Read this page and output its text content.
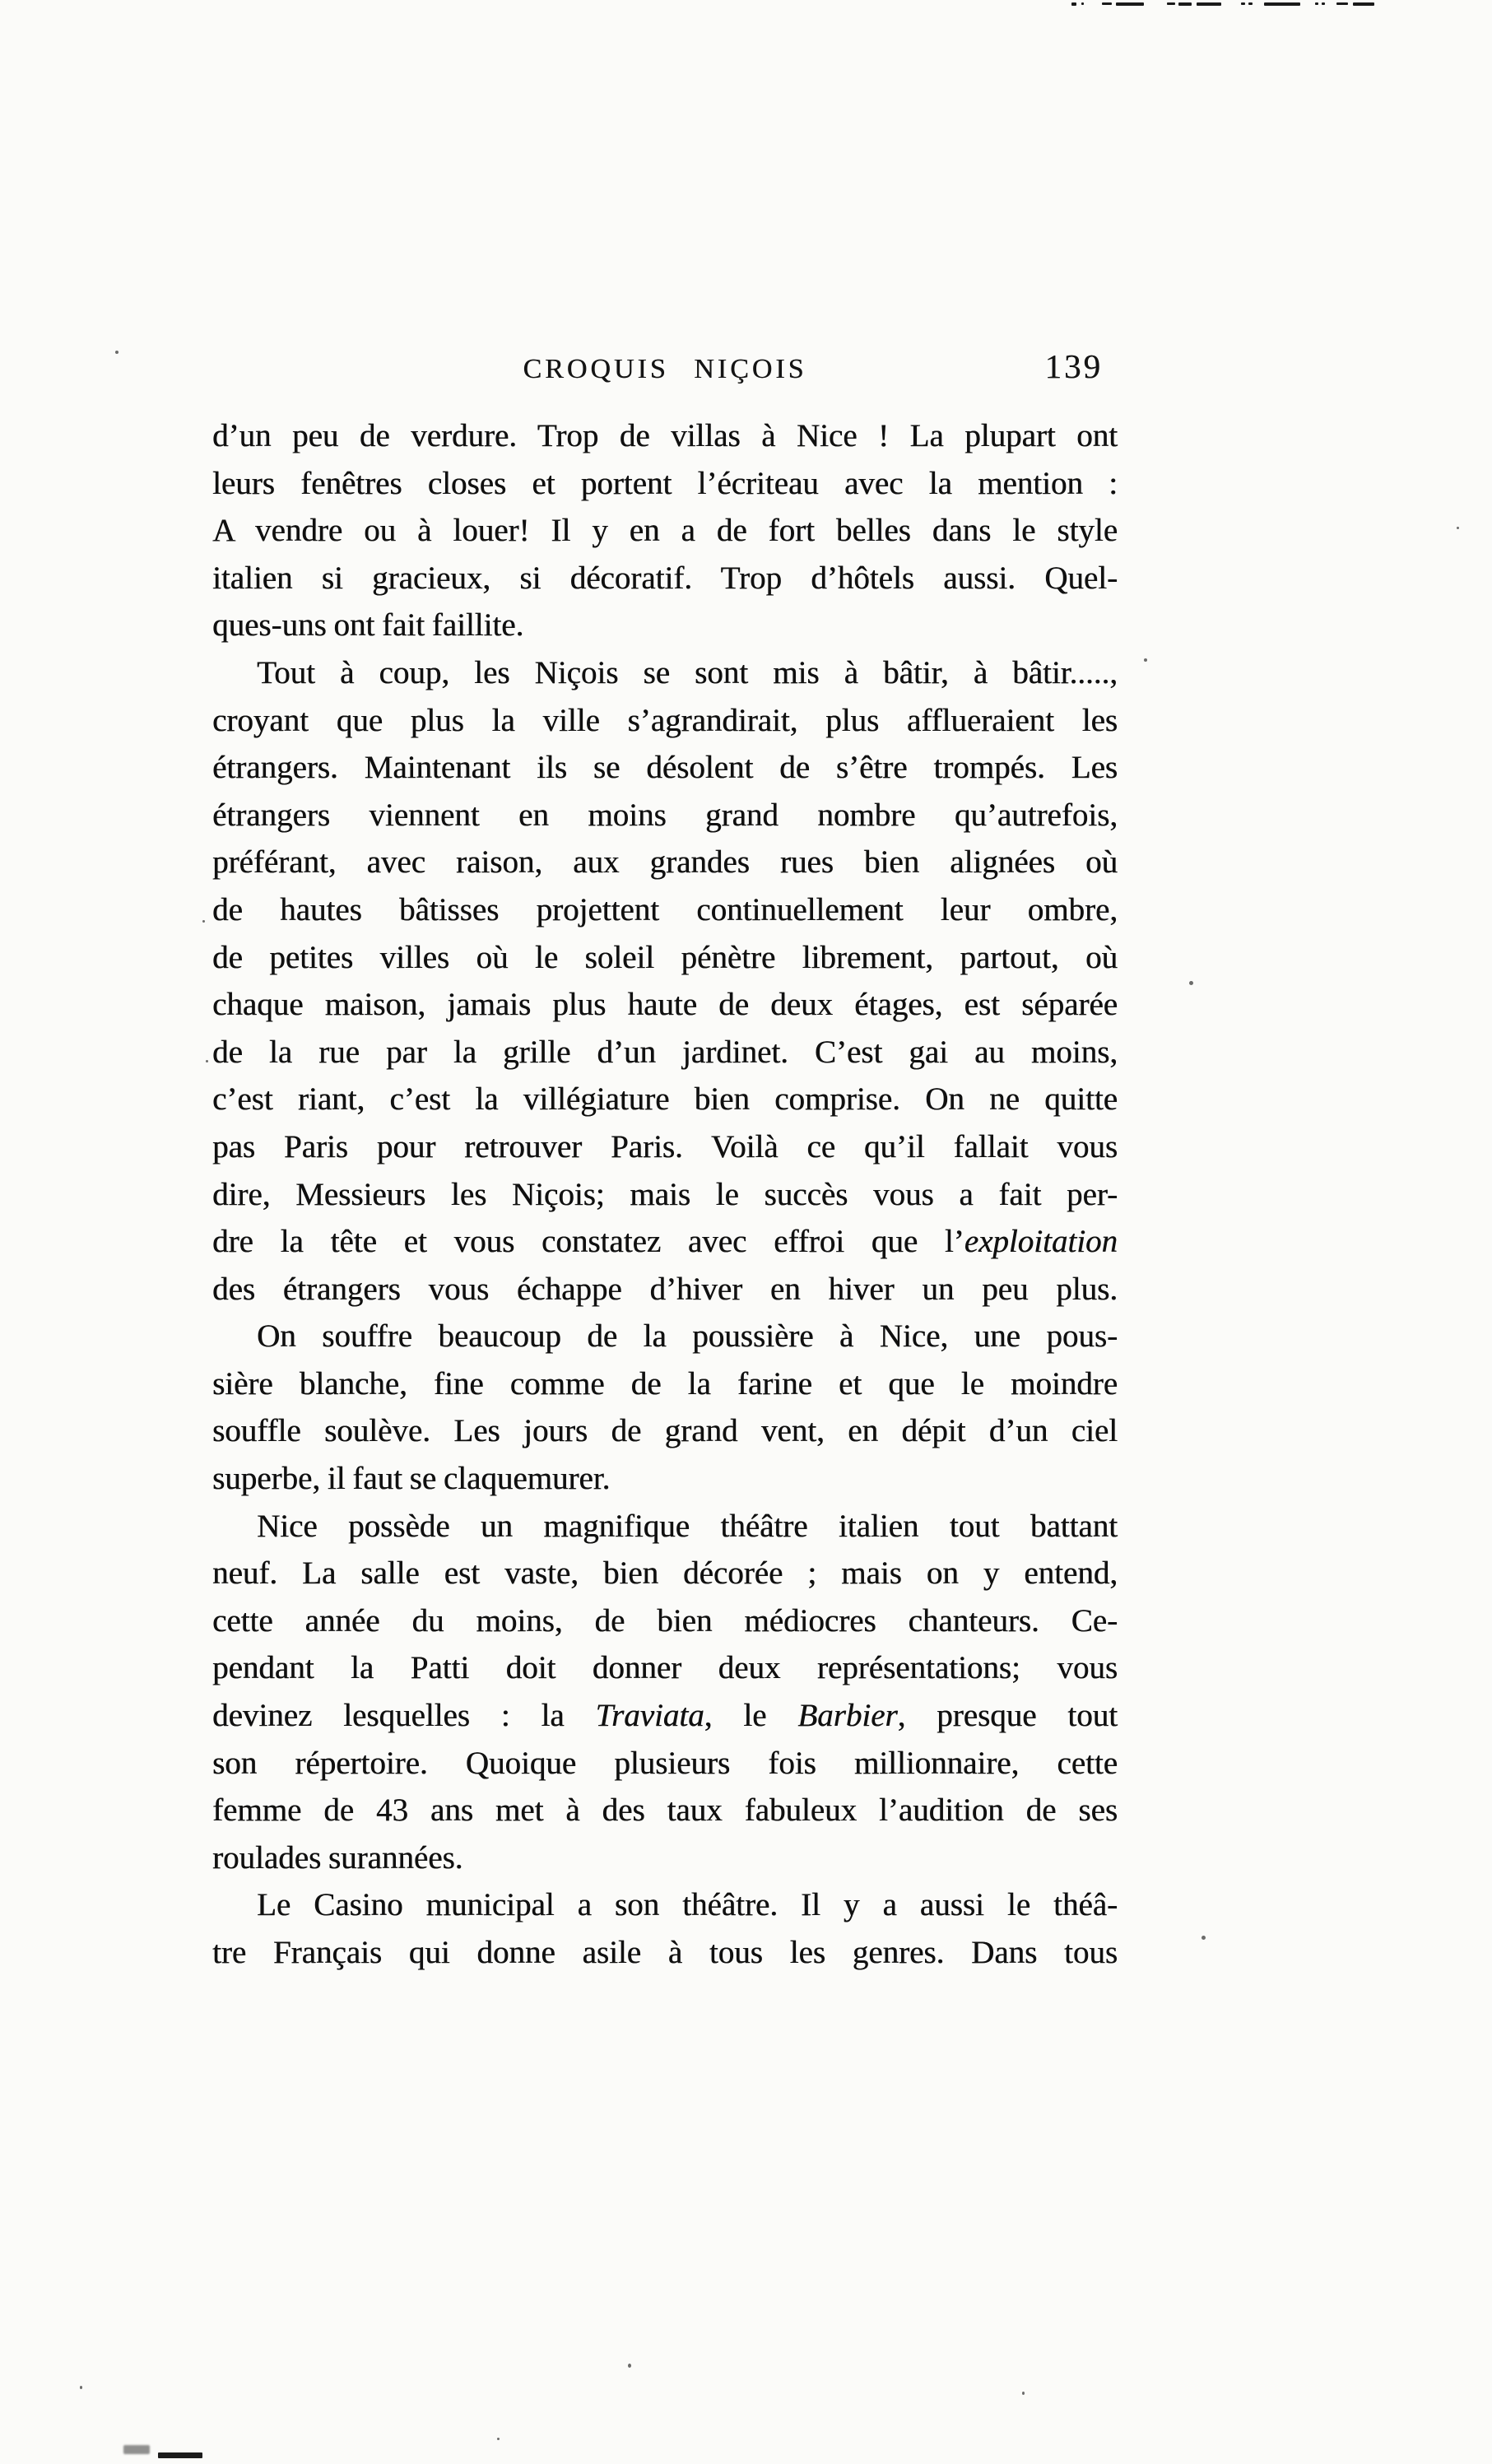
CROQUIS NIÇOIS	139
d’un peu de verdure. Trop de villas à Nice ! La plupart ont
leurs fenêtres closes et portent l’écriteau avec la mention :
A vendre ou à louer! Il y en a de fort belles dans le style
italien si gracieux, si décoratif. Trop d’hôtels aussi. Quel-
ques-uns ont fait faillite.
Tout à coup, les Niçois se sont mis à bâtir, à bâtir.....,
croyant que plus la ville s’agrandirait, plus afflueraient les
étrangers. Maintenant ils se désolent de s’être trompés. Les
étrangers viennent en moins grand nombre qu’autrefois,
préférant, avec raison, aux grandes rues bien alignées où
de hautes bâtisses projettent continuellement leur ombre,
de petites villes où le soleil pénètre librement, partout, où
chaque maison, jamais plus haute de deux étages, est séparée
de la rue par la grille d’un jardinet. C’est gai au moins,
c’est riant, c’est la villégiature bien comprise. On ne quitte
pas Paris pour retrouver Paris. Voilà ce qu’il fallait vous
dire, Messieurs les Niçois; mais le succès vous a fait per-
dre la tête et vous constatez avec effroi que l’exploitation
des étrangers vous échappe d’hiver en hiver un peu plus.
On souffre beaucoup de la poussière à Nice, une pous-
sière blanche, fine comme de la farine et que le moindre
souffle soulève. Les jours de grand vent, en dépit d’un ciel
superbe, il faut se claquemurer.
Nice possède un magnifique théâtre italien tout battant
neuf. La salle est vaste, bien décorée ; mais on y entend,
cette année du moins, de bien médiocres chanteurs. Ce-
pendant la Patti doit donner deux représentations; vous
devinez lesquelles : la Traviata, le Barbier, presque tout
son répertoire. Quoique plusieurs fois millionnaire, cette
femme de 43 ans met à des taux fabuleux l’audition de ses
roulades surannées.
Le Casino municipal a son théâtre. Il y a aussi le théâ-
tre Français qui donne asile à tous les genres. Dans tous
